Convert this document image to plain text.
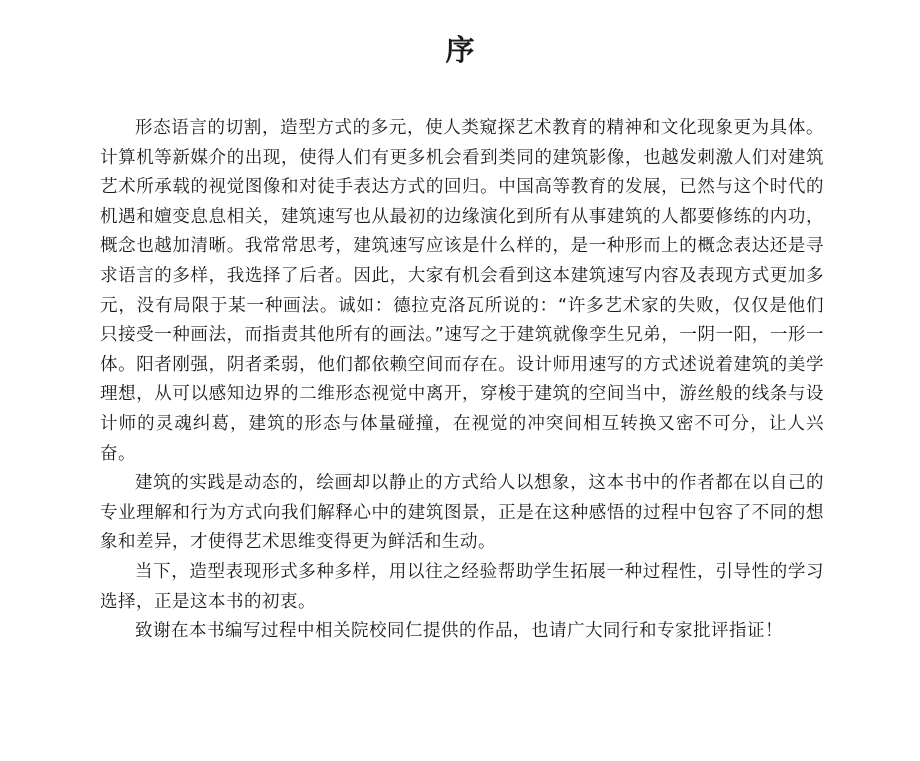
序

形态语言的切割，造型方式的多元，使人类窥探艺术教育的精神和文化现象更为具体。计算机等新媒介的出现，使得人们有更多机会看到类同的建筑影像，也越发刺激人们对建筑艺术所承载的视觉图像和对徒手表达方式的回归。中国高等教育的发展，已然与这个时代的机遇和嬗变息息相关，建筑速写也从最初的边缘演化到所有从事建筑的人都要修练的内功，概念也越加清晰。我常常思考，建筑速写应该是什么样的，是一种形而上的概念表达还是寻求语言的多样，我选择了后者。因此，大家有机会看到这本建筑速写内容及表现方式更加多元，没有局限于某一种画法。诚如：德拉克洛瓦所说的：“许多艺术家的失败，仅仅是他们只接受一种画法，而指责其他所有的画法。”速写之于建筑就像孪生兄弟，一阴一阳，一形一体。阳者刚强，阴者柔弱，他们都依赖空间而存在。设计师用速写的方式述说着建筑的美学理想，从可以感知边界的二维形态视觉中离开，穿梭于建筑的空间当中，游丝般的线条与设计师的灵魂纠葛，建筑的形态与体量碰撞，在视觉的冲突间相互转换又密不可分，让人兴奋。

建筑的实践是动态的，绘画却以静止的方式给人以想象，这本书中的作者都在以自己的专业理解和行为方式向我们解释心中的建筑图景，正是在这种感悟的过程中包容了不同的想象和差异，才使得艺术思维变得更为鲜活和生动。

当下，造型表现形式多种多样，用以往之经验帮助学生拓展一种过程性，引导性的学习选择，正是这本书的初衷。

致谢在本书编写过程中相关院校同仁提供的作品，也请广大同行和专家批评指证！
